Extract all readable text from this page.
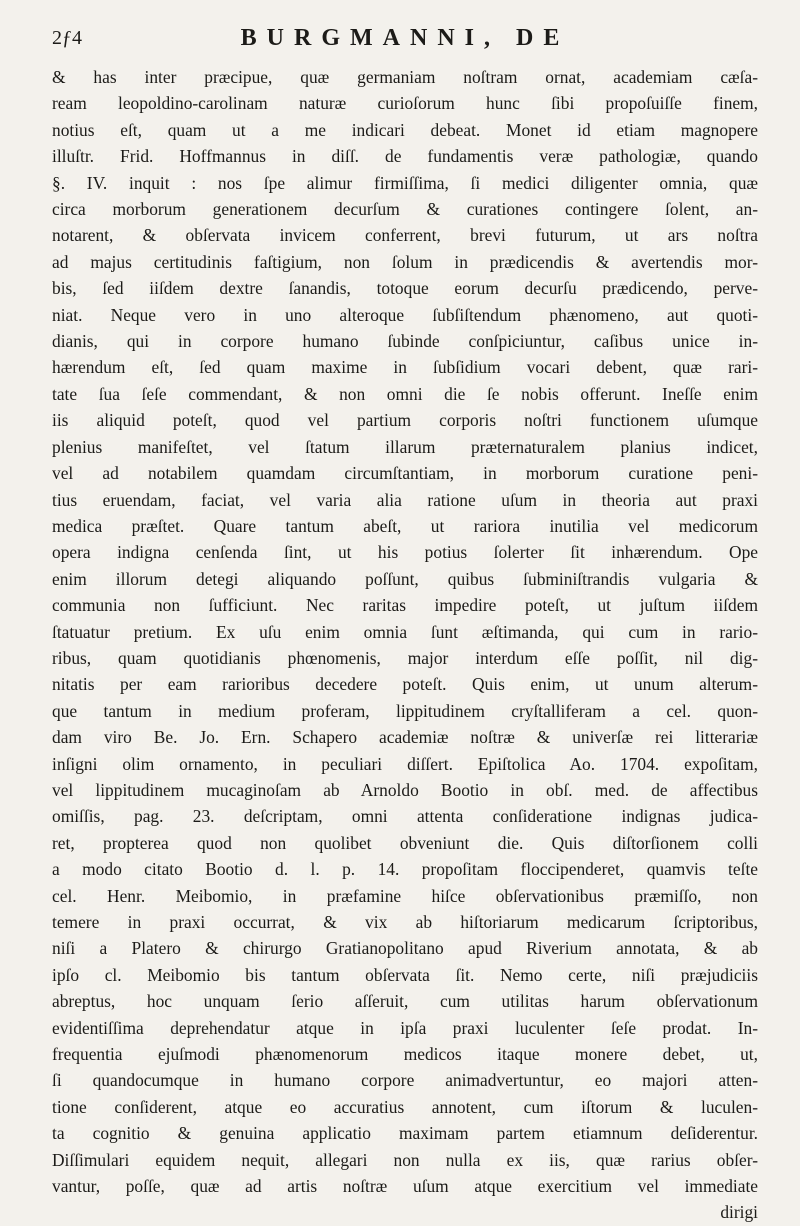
2ƒ4	BURGMANNI, DE
& has inter præcipue, quæ germaniam noſtram ornat, academiam cæſa-
ream leopoldino-carolinam naturæ curioſorum hunc ſibi propoſuiſſe finem,
notius eſt, quam ut a me indicari debeat. Monet id etiam magnopere
illuſtr. Frid. Hoffmannus in diſſ. de fundamentis veræ pathologiæ, quando
§. IV. inquit : nos ſpe alimur firmiſſima, ſi medici diligenter omnia, quæ
circa morborum generationem decurſum & curationes contingere ſolent, an-
notarent, & obſervata invicem conferrent, brevi futurum, ut ars noſtra
ad majus certitudinis faſtigium, non ſolum in prædicendis & avertendis mor-
bis, ſed iiſdem dextre ſanandis, totoque eorum decurſu prædicendo, perve-
niat. Neque vero in uno alteroque ſubſiſtendum phænomeno, aut quoti-
dianis, qui in corpore humano ſubinde conſpiciuntur, caſibus unice in-
hærendum eſt, ſed quam maxime in ſubſidium vocari debent, quæ rari-
tate ſua ſeſe commendant, & non omni die ſe nobis offerunt. Ineſſe enim
iis aliquid poteſt, quod vel partium corporis noſtri functionem uſumque
plenius manifeſtet, vel ſtatum illarum præternaturalem planius indicet,
vel ad notabilem quamdam circumſtantiam, in morborum curatione peni-
tius eruendam, faciat, vel varia alia ratione uſum in theoria aut praxi
medica præſtet. Quare tantum abeſt, ut rariora inutilia vel medicorum
opera indigna cenſenda ſint, ut his potius ſolerter ſit inhærendum. Ope
enim illorum detegi aliquando poſſunt, quibus ſubminiſtrandis vulgaria &
communia non ſufficiunt. Nec raritas impedire poteſt, ut juſtum iiſdem
ſtatuatur pretium. Ex uſu enim omnia ſunt æſtimanda, qui cum in rario-
ribus, quam quotidianis phœnomenis, major interdum eſſe poſſit, nil dig-
nitatis per eam rarioribus decedere poteſt. Quis enim, ut unum alterum-
que tantum in medium proferam, lippitudinem cryſtalliferam a cel. quon-
dam viro Be. Jo. Ern. Schapero academiæ noſtræ & univerſæ rei litterariæ
inſigni olim ornamento, in peculiari diſſert. Epiſtolica Ao. 1704. expoſitam,
vel lippitudinem mucaginoſam ab Arnoldo Bootio in obſ. med. de affectibus
omiſſis, pag. 23. deſcriptam, omni attenta conſideratione indignas judica-
ret, propterea quod non quolibet obveniunt die. Quis diſtorſionem colli
a modo citato Bootio d. l. p. 14. propoſitam floccipenderet, quamvis teſte
cel. Henr. Meibomio, in præfamine hiſce obſervationibus præmiſſo, non
temere in praxi occurrat, & vix ab hiſtoriarum medicarum ſcriptoribus,
niſi a Platero & chirurgo Gratianopolitano apud Riverium annotata, & ab
ipſo cl. Meibomio bis tantum obſervata ſit. Nemo certe, niſi præjudiciis
abreptus, hoc unquam ſerio aſſeruit, cum utilitas harum obſervationum
evidentiſſima deprehendatur atque in ipſa praxi luculenter ſeſe prodat. In-
frequentia ejuſmodi phænomenorum medicos itaque monere debet, ut,
ſi quandocumque in humano corpore animadvertuntur, eo majori atten-
tione conſiderent, atque eo accuratius annotent, cum iſtorum & luculen-
ta cognitio & genuina applicatio maximam partem etiamnum deſiderentur.
Diſſimulari equidem nequit, allegari non nulla ex iis, quæ rarius obſer-
vantur, poſſe, quæ ad artis noſtræ uſum atque exercitium vel immediate
dirigi
